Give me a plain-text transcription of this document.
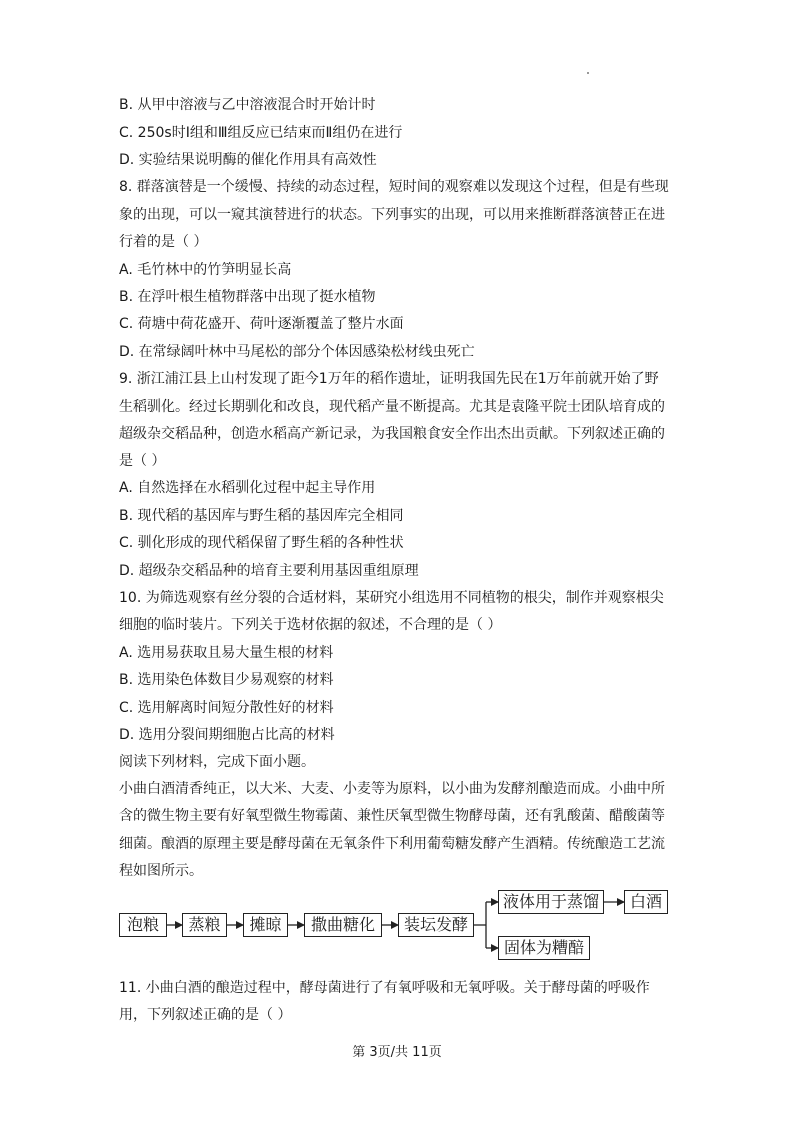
B. 从甲中溶液与乙中溶液混合时开始计时
C. 250s时Ⅰ组和Ⅲ组反应已结束而Ⅱ组仍在进行
D. 实验结果说明酶的催化作用具有高效性
8. 群落演替是一个缓慢、持续的动态过程，短时间的观察难以发现这个过程，但是有些现
象的出现，可以一窥其演替进行的状态。下列事实的出现，可以用来推断群落演替正在进
行着的是（ ）
A. 毛竹林中的竹笋明显长高
B. 在浮叶根生植物群落中出现了挺水植物
C. 荷塘中荷花盛开、荷叶逐渐覆盖了整片水面
D. 在常绿阔叶林中马尾松的部分个体因感染松材线虫死亡
9. 浙江浦江县上山村发现了距今1万年的稻作遗址，证明我国先民在1万年前就开始了野
生稻驯化。经过长期驯化和改良，现代稻产量不断提高。尤其是袁隆平院士团队培育成的
超级杂交稻品种，创造水稻高产新记录，为我国粮食安全作出杰出贡献。下列叙述正确的
是（ ）
A. 自然选择在水稻驯化过程中起主导作用
B. 现代稻的基因库与野生稻的基因库完全相同
C. 驯化形成的现代稻保留了野生稻的各种性状
D. 超级杂交稻品种的培育主要利用基因重组原理
10. 为筛选观察有丝分裂的合适材料，某研究小组选用不同植物的根尖，制作并观察根尖
细胞的临时装片。下列关于选材依据的叙述，不合理的是（ ）
A. 选用易获取且易大量生根的材料
B. 选用染色体数目少易观察的材料
C. 选用解离时间短分散性好的材料
D. 选用分裂间期细胞占比高的材料
阅读下列材料，完成下面小题。
小曲白酒清香纯正，以大米、大麦、小麦等为原料，以小曲为发酵剂酿造而成。小曲中所
含的微生物主要有好氧型微生物霉菌、兼性厌氧型微生物酵母菌，还有乳酸菌、醋酸菌等
细菌。酿酒的原理主要是酵母菌在无氧条件下利用葡萄糖发酵产生酒精。传统酿造工艺流
程如图所示。
泡粮	蒸粮	摊晾	撒曲糖化	装坛发酵
液体用于蒸馏
固体为糟醅
白酒
11. 小曲白酒的酿造过程中，酵母菌进行了有氧呼吸和无氧呼吸。关于酵母菌的呼吸作
用，下列叙述正确的是（ ）
第 3页/共 11页
